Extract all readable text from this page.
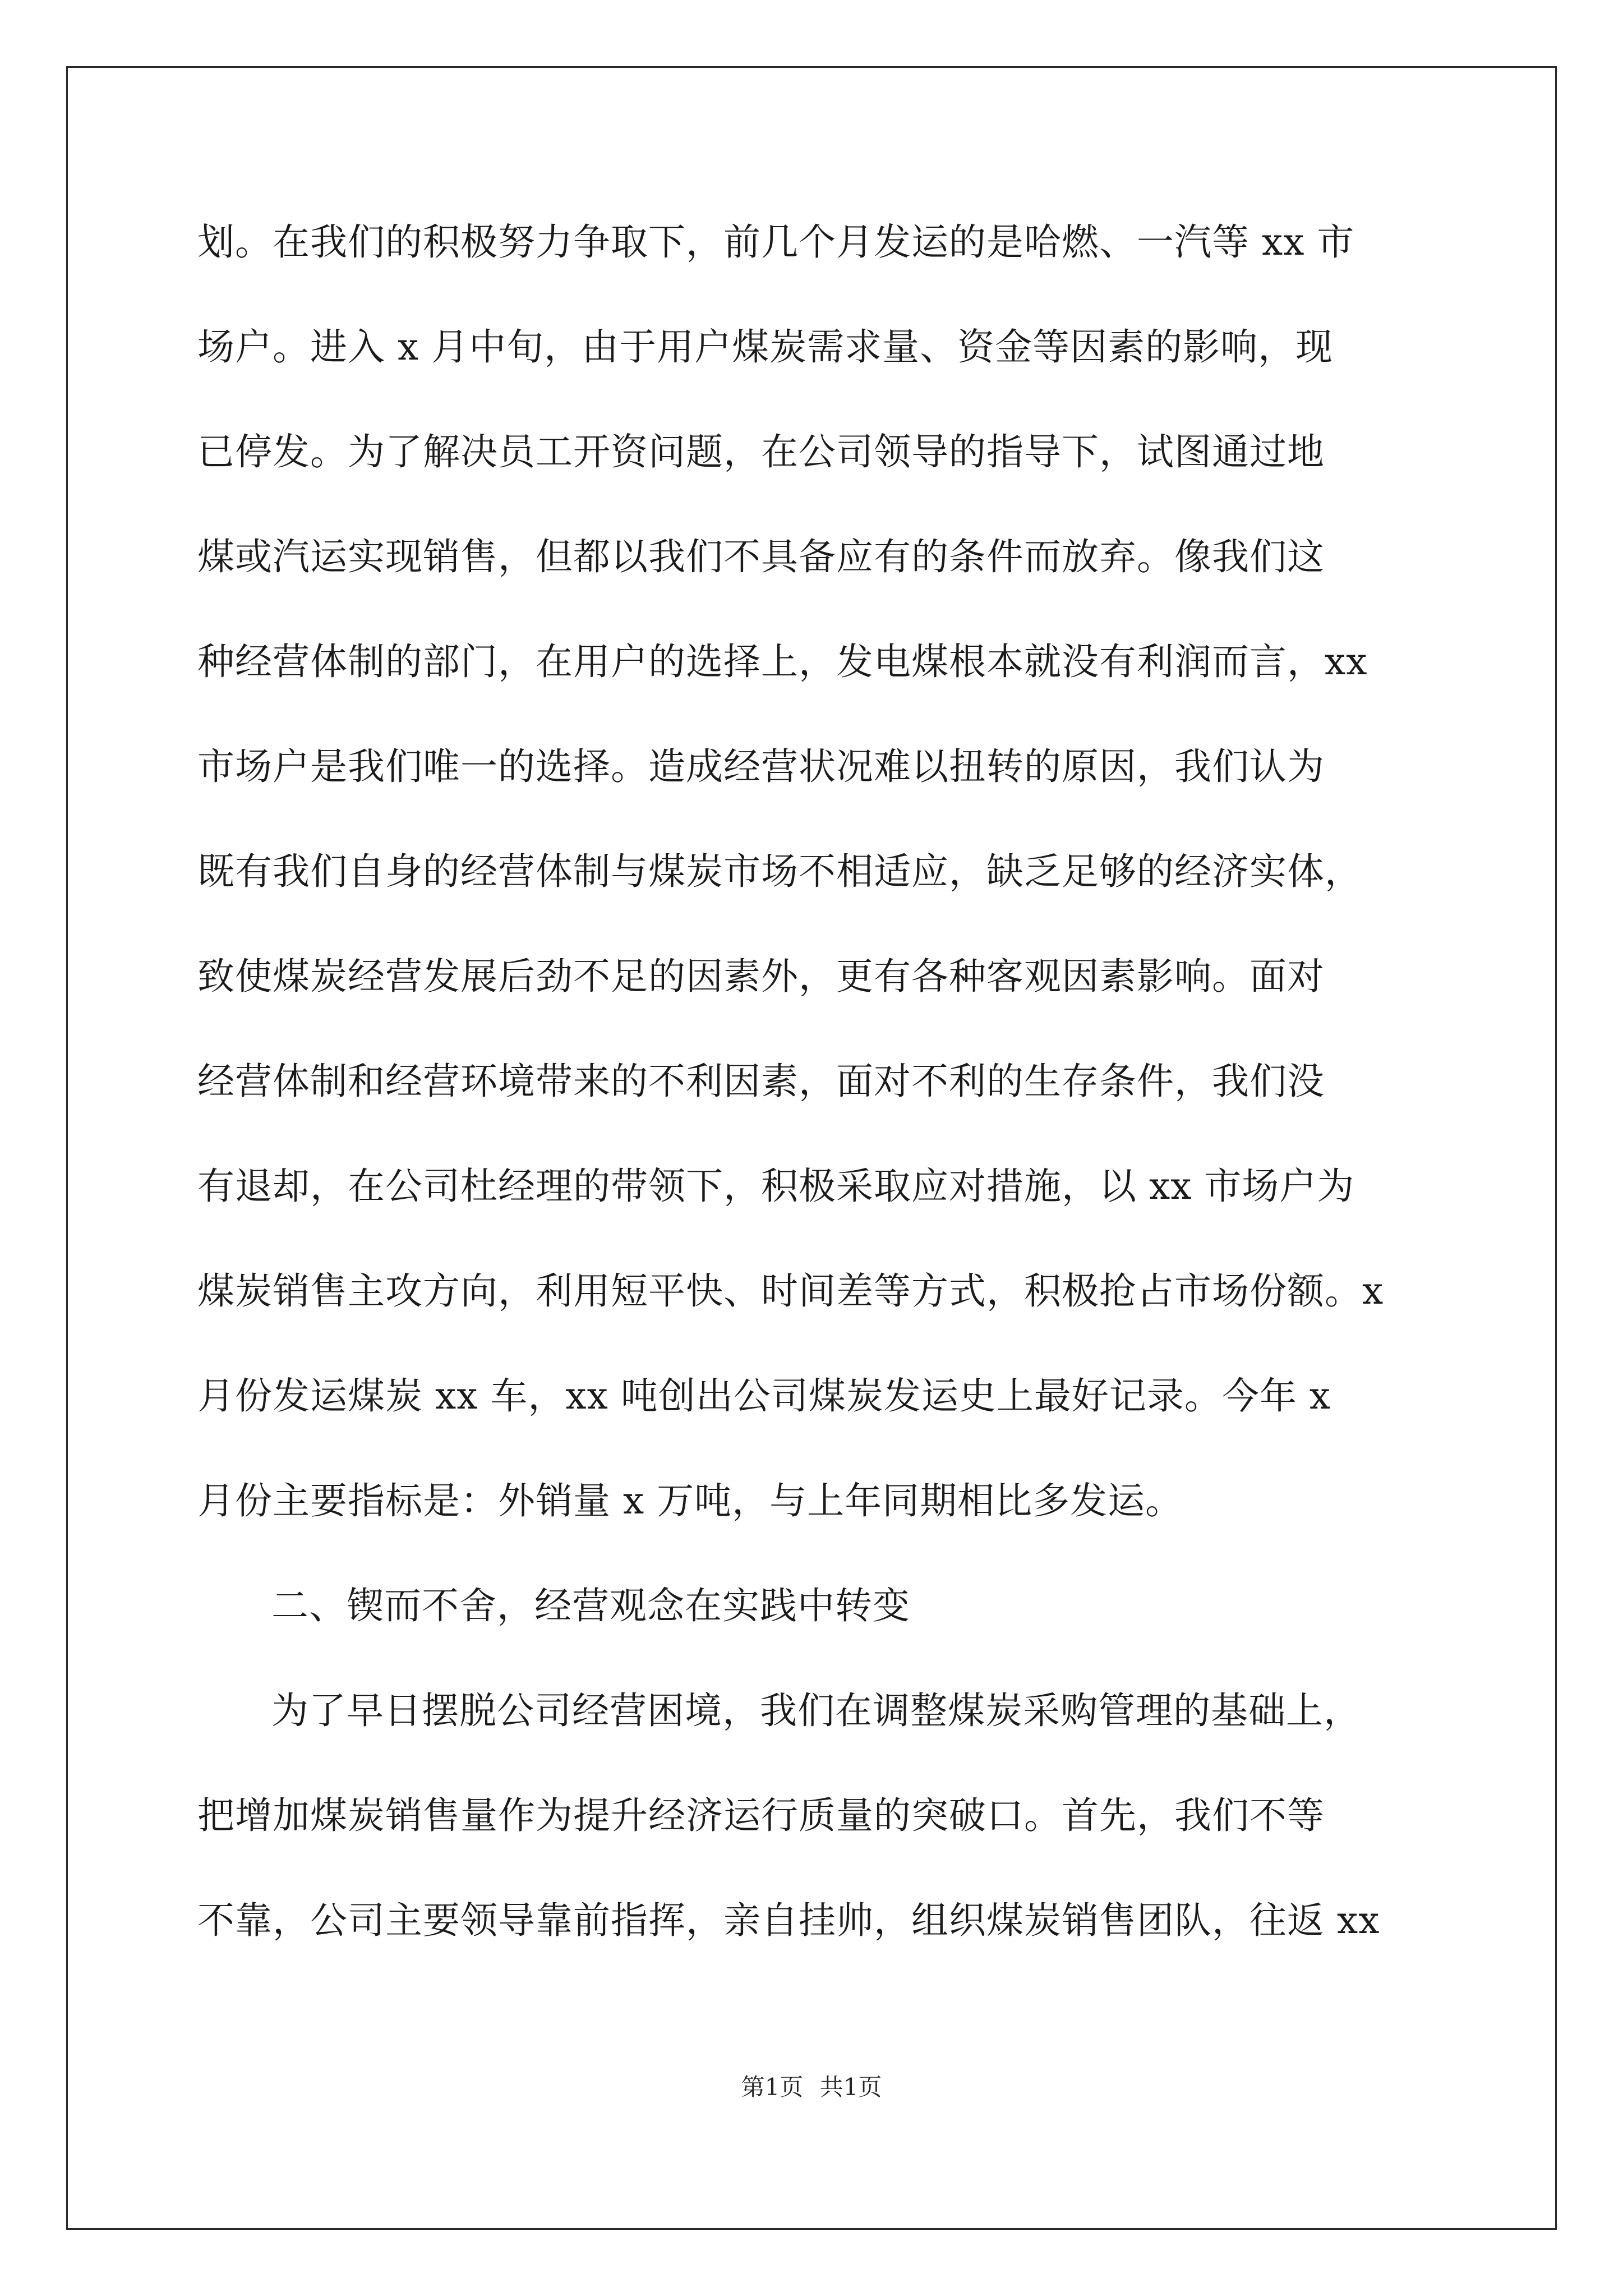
划。在我们的积极努力争取下，前几个月发运的是哈燃、一汽等 xx 市
场户。进入 x 月中旬，由于用户煤炭需求量、资金等因素的影响，现
已停发。为了解决员工开资问题，在公司领导的指导下，试图通过地
煤或汽运实现销售，但都以我们不具备应有的条件而放弃。像我们这
种经营体制的部门，在用户的选择上，发电煤根本就没有利润而言，xx
市场户是我们唯一的选择。造成经营状况难以扭转的原因，我们认为
既有我们自身的经营体制与煤炭市场不相适应，缺乏足够的经济实体，
致使煤炭经营发展后劲不足的因素外，更有各种客观因素影响。面对
经营体制和经营环境带来的不利因素，面对不利的生存条件，我们没
有退却，在公司杜经理的带领下，积极采取应对措施，以 xx 市场户为
煤炭销售主攻方向，利用短平快、时间差等方式，积极抢占市场份额。x
月份发运煤炭 xx 车，xx 吨创出公司煤炭发运史上最好记录。今年 x
月份主要指标是：外销量 x 万吨，与上年同期相比多发运。
二、锲而不舍，经营观念在实践中转变
为了早日摆脱公司经营困境，我们在调整煤炭采购管理的基础上，
把增加煤炭销售量作为提升经济运行质量的突破口。首先，我们不等
不靠，公司主要领导靠前指挥，亲自挂帅，组织煤炭销售团队，往返 xx
第1页 共1页
